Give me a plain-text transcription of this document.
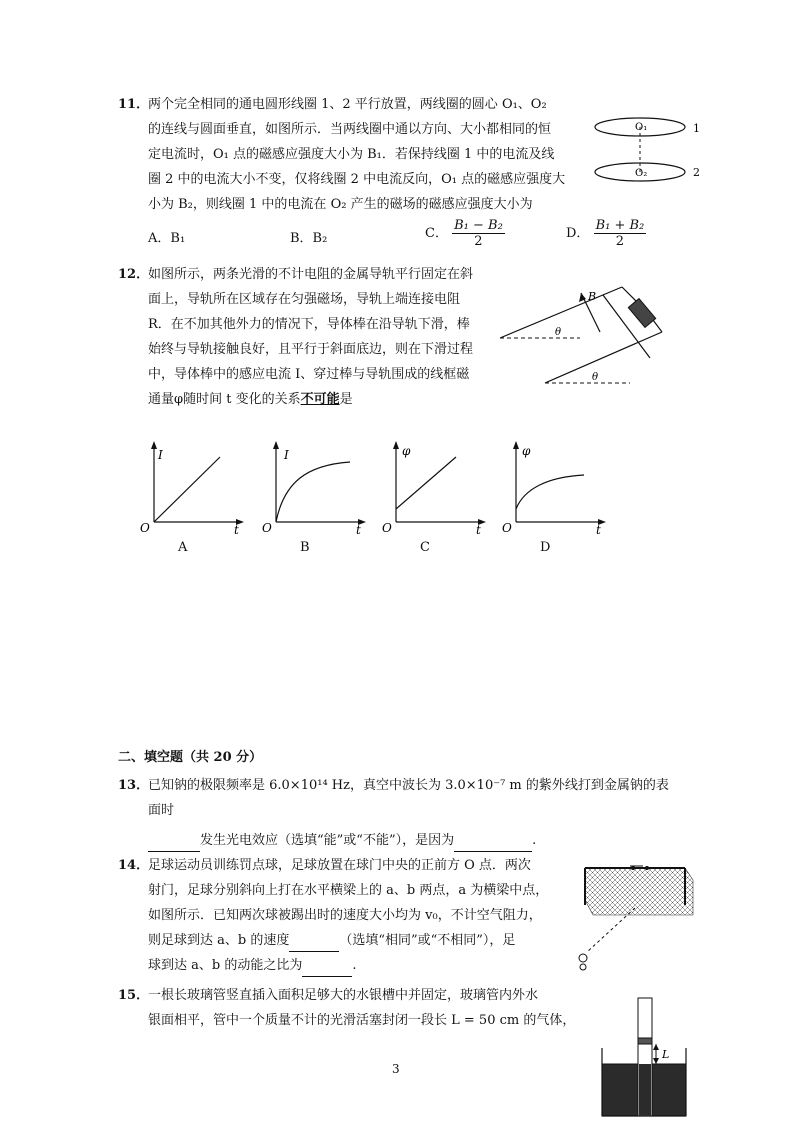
11．
两个完全相同的通电圆形线圈 1、2 平行放置，两线圈的圆心 O₁、O₂
的连线与圆面垂直，如图所示．当两线圈中通以方向、大小都相同的恒
定电流时，O₁ 点的磁感应强度大小为 B₁．若保持线圈 1 中的电流及线
圈 2 中的电流大小不变，仅将线圈 2 中电流反向，O₁ 点的磁感应强度大
小为 B₂，则线圈 1 中的电流在 O₂ 产生的磁场的磁感应强度大小为
A．B₁	B．B₂	C． $\frac{\text{B₁ − B₂}}{2}$	D． $\frac{\text{B₁ + B₂}}{2}$
O₁
O₂
1
2
12．
如图所示，两条光滑的不计电阻的金属导轨平行固定在斜
面上，导轨所在区域存在匀强磁场，导轨上端连接电阻
R．在不加其他外力的情况下，导体棒在沿导轨下滑，棒
始终与导轨接触良好，且平行于斜面底边，则在下滑过程
中，导体棒中的感应电流 I、穿过棒与导轨围成的线框磁
通量φ随时间 t 变化的关系不可能是
B
θ
θ
I
O	t
A
I
O	t
B
φ
O	t
C
φ
O	t
D
二、填空题（共 20 分）
13．
已知钠的极限频率是 6.0×10¹⁴ Hz，真空中波长为 3.0×10⁻⁷ m 的紫外线打到金属钠的表
面时
发生光电效应（选填“能”或“不能”），是因为	.
14．
足球运动员训练罚点球，足球放置在球门中央的正前方 O 点．两次
射门，足球分别斜向上打在水平横梁上的 a、b 两点，a 为横梁中点，
如图所示．已知两次球被踢出时的速度大小均为 v₀，不计空气阻力，
则足球到达 a、b 的速度	（选填“相同”或“不相同”），足
球到达 a、b 的动能之比为	.
15．
一根长玻璃管竖直插入面积足够大的水银槽中并固定，玻璃管内外水
银面相平，管中一个质量不计的光滑活塞封闭一段长 L = 50 cm 的气体，
L
3
